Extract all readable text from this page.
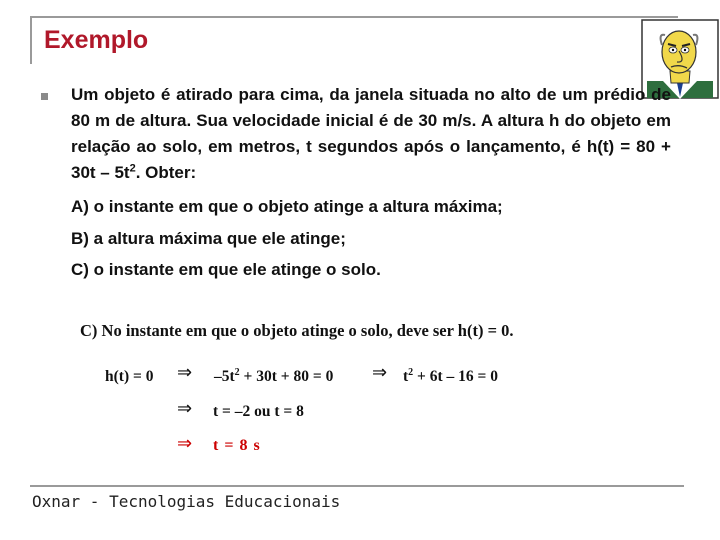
Exemplo
Um objeto é atirado para cima, da janela situada no alto de um prédio de 80 m de altura. Sua velocidade inicial é de 30 m/s. A altura h do objeto em relação ao solo, em metros, t segundos após o lançamento, é $h(t) = 80 + 30t - 5t^2$. Obter:
A) o instante em que o objeto atinge a altura máxima;
B) a altura máxima que ele atinge;
C) o instante em que ele atinge o solo.
C) No instante em que o objeto atinge o solo, deve ser h(t) = 0.
h(t) = 0 ⇒ $-5t^2 + 30t + 80 = 0$ ⇒ $t^2 + 6t - 16 = 0$
⇒ t = –2 ou t = 8
⇒ t = 8 s
Oxnar - Tecnologias Educacionais
